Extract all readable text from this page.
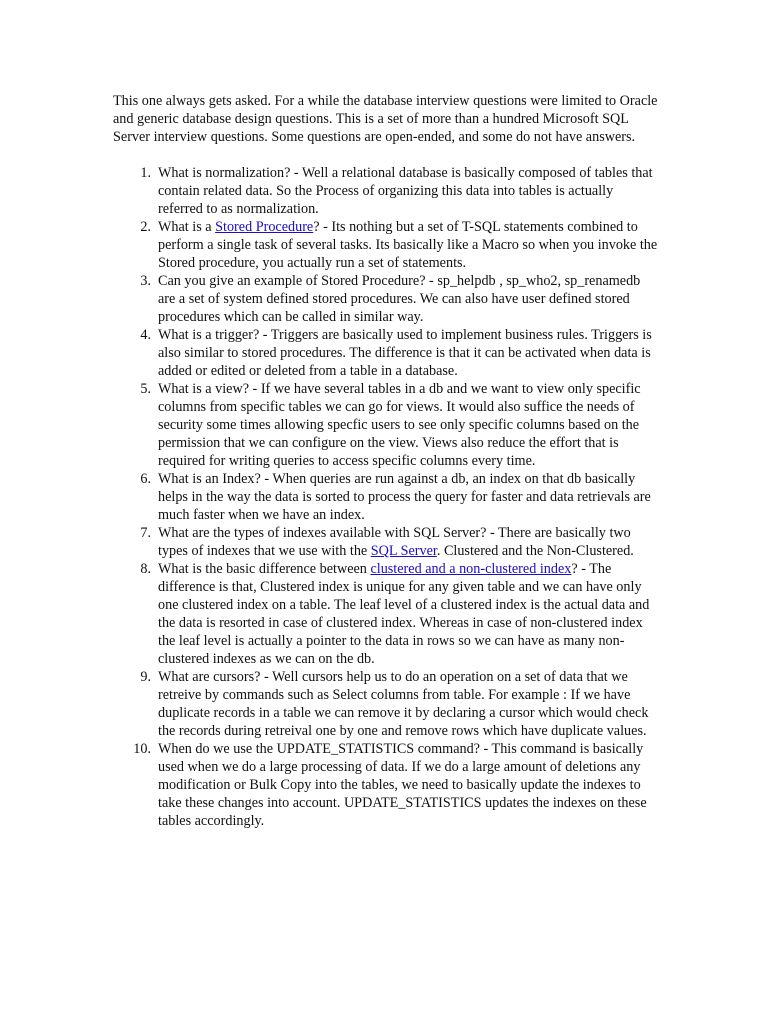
This one always gets asked. For a while the database interview questions were limited to Oracle and generic database design questions. This is a set of more than a hundred Microsoft SQL Server interview questions. Some questions are open-ended, and some do not have answers.

1. What is normalization? - Well a relational database is basically composed of tables that contain related data. So the Process of organizing this data into tables is actually referred to as normalization.
2. What is a Stored Procedure? - Its nothing but a set of T-SQL statements combined to perform a single task of several tasks. Its basically like a Macro so when you invoke the Stored procedure, you actually run a set of statements.
3. Can you give an example of Stored Procedure? - sp_helpdb , sp_who2, sp_renamedb are a set of system defined stored procedures. We can also have user defined stored procedures which can be called in similar way.
4. What is a trigger? - Triggers are basically used to implement business rules. Triggers is also similar to stored procedures. The difference is that it can be activated when data is added or edited or deleted from a table in a database.
5. What is a view? - If we have several tables in a db and we want to view only specific columns from specific tables we can go for views. It would also suffice the needs of security some times allowing specfic users to see only specific columns based on the permission that we can configure on the view. Views also reduce the effort that is required for writing queries to access specific columns every time.
6. What is an Index? - When queries are run against a db, an index on that db basically helps in the way the data is sorted to process the query for faster and data retrievals are much faster when we have an index.
7. What are the types of indexes available with SQL Server? - There are basically two types of indexes that we use with the SQL Server. Clustered and the Non-Clustered.
8. What is the basic difference between clustered and a non-clustered index? - The difference is that, Clustered index is unique for any given table and we can have only one clustered index on a table. The leaf level of a clustered index is the actual data and the data is resorted in case of clustered index. Whereas in case of non-clustered index the leaf level is actually a pointer to the data in rows so we can have as many non-clustered indexes as we can on the db.
9. What are cursors? - Well cursors help us to do an operation on a set of data that we retreive by commands such as Select columns from table. For example : If we have duplicate records in a table we can remove it by declaring a cursor which would check the records during retreival one by one and remove rows which have duplicate values.
10. When do we use the UPDATE_STATISTICS command? - This command is basically used when we do a large processing of data. If we do a large amount of deletions any modification or Bulk Copy into the tables, we need to basically update the indexes to take these changes into account. UPDATE_STATISTICS updates the indexes on these tables accordingly.
